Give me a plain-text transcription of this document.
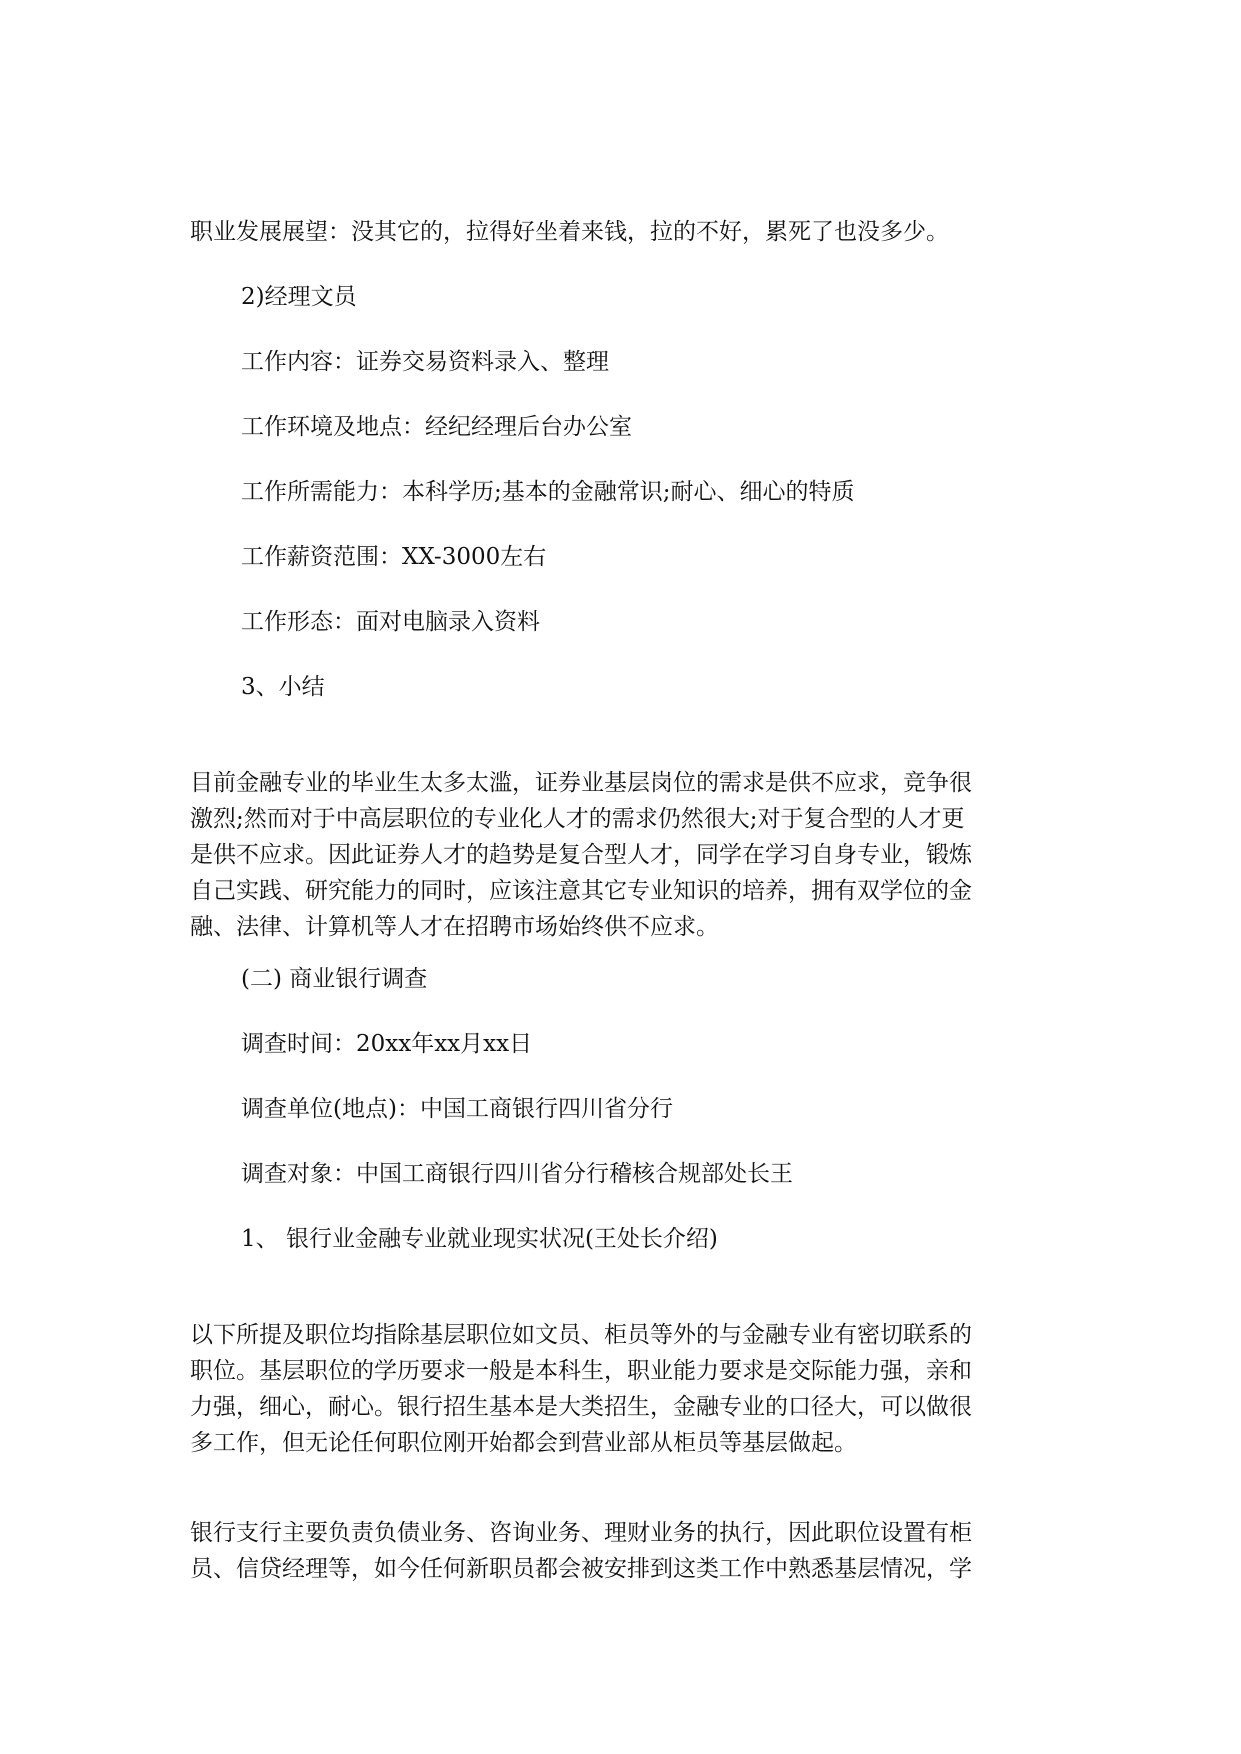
职业发展展望：没其它的，拉得好坐着来钱，拉的不好，累死了也没多少。

2)经理文员

工作内容：证券交易资料录入、整理

工作环境及地点：经纪经理后台办公室

工作所需能力：本科学历;基本的金融常识;耐心、细心的特质

工作薪资范围：XX-3000左右

工作形态：面对电脑录入资料

3、小结

目前金融专业的毕业生太多太滥，证券业基层岗位的需求是供不应求，竞争很
激烈;然而对于中高层职位的专业化人才的需求仍然很大;对于复合型的人才更
是供不应求。因此证券人才的趋势是复合型人才，同学在学习自身专业，锻炼
自己实践、研究能力的同时，应该注意其它专业知识的培养，拥有双学位的金
融、法律、计算机等人才在招聘市场始终供不应求。

(二) 商业银行调查

调查时间：20xx年xx月xx日

调查单位(地点)：中国工商银行四川省分行

调查对象：中国工商银行四川省分行稽核合规部处长王

1、 银行业金融专业就业现实状况(王处长介绍)

以下所提及职位均指除基层职位如文员、柜员等外的与金融专业有密切联系的
职位。基层职位的学历要求一般是本科生，职业能力要求是交际能力强，亲和
力强，细心，耐心。银行招生基本是大类招生，金融专业的口径大，可以做很
多工作，但无论任何职位刚开始都会到营业部从柜员等基层做起。
银行支行主要负责负债业务、咨询业务、理财业务的执行，因此职位设置有柜
员、信贷经理等，如今任何新职员都会被安排到这类工作中熟悉基层情况，学
